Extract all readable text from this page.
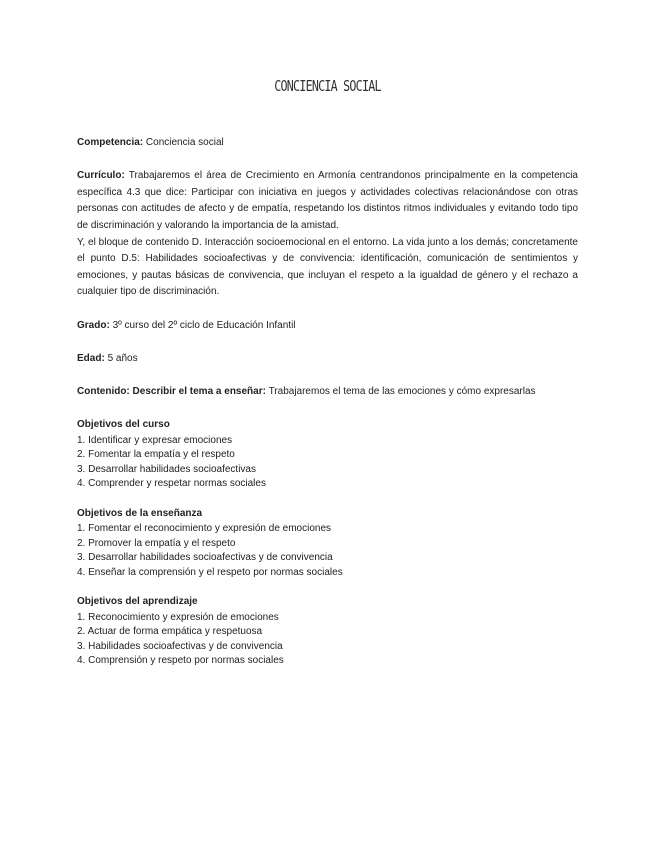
CONCIENCIA SOCIAL

Competencia: Conciencia social

Currículo: Trabajaremos el área de Crecimiento en Armonía centrandonos principalmente en la competencia específica 4.3 que dice: Participar con iniciativa en juegos y actividades colectivas relacionándose con otras personas con actitudes de afecto y de empatía, respetando los distintos ritmos individuales y evitando todo tipo de discriminación y valorando la importancia de la amistad.
Y, el bloque de contenido D. Interacción socioemocional en el entorno. La vida junto a los demás; concretamente el punto D.5: Habilidades socioafectivas y de convivencia: identificación, comunicación de sentimientos y emociones, y pautas básicas de convivencia, que incluyan el respeto a la igualdad de género y el rechazo a cualquier tipo de discriminación.

Grado: 3º curso del 2º ciclo de Educación Infantil

Edad: 5 años

Contenido: Describir el tema a enseñar: Trabajaremos el tema de las emociones y cómo expresarlas

Objetivos del curso

1. Identificar y expresar emociones
2. Fomentar la empatía y el respeto
3. Desarrollar habilidades socioafectivas
4. Comprender y respetar normas sociales

Objetivos de la enseñanza

1. Fomentar el reconocimiento y expresión de emociones
2. Promover la empatía y el respeto
3. Desarrollar habilidades socioafectivas y de convivencia
4. Enseñar la comprensión y el respeto por normas sociales

Objetivos del aprendizaje

1. Reconocimiento y expresión de emociones
2. Actuar de forma empática y respetuosa
3. Habilidades socioafectivas y de convivencia
4. Comprensión y respeto por normas sociales
